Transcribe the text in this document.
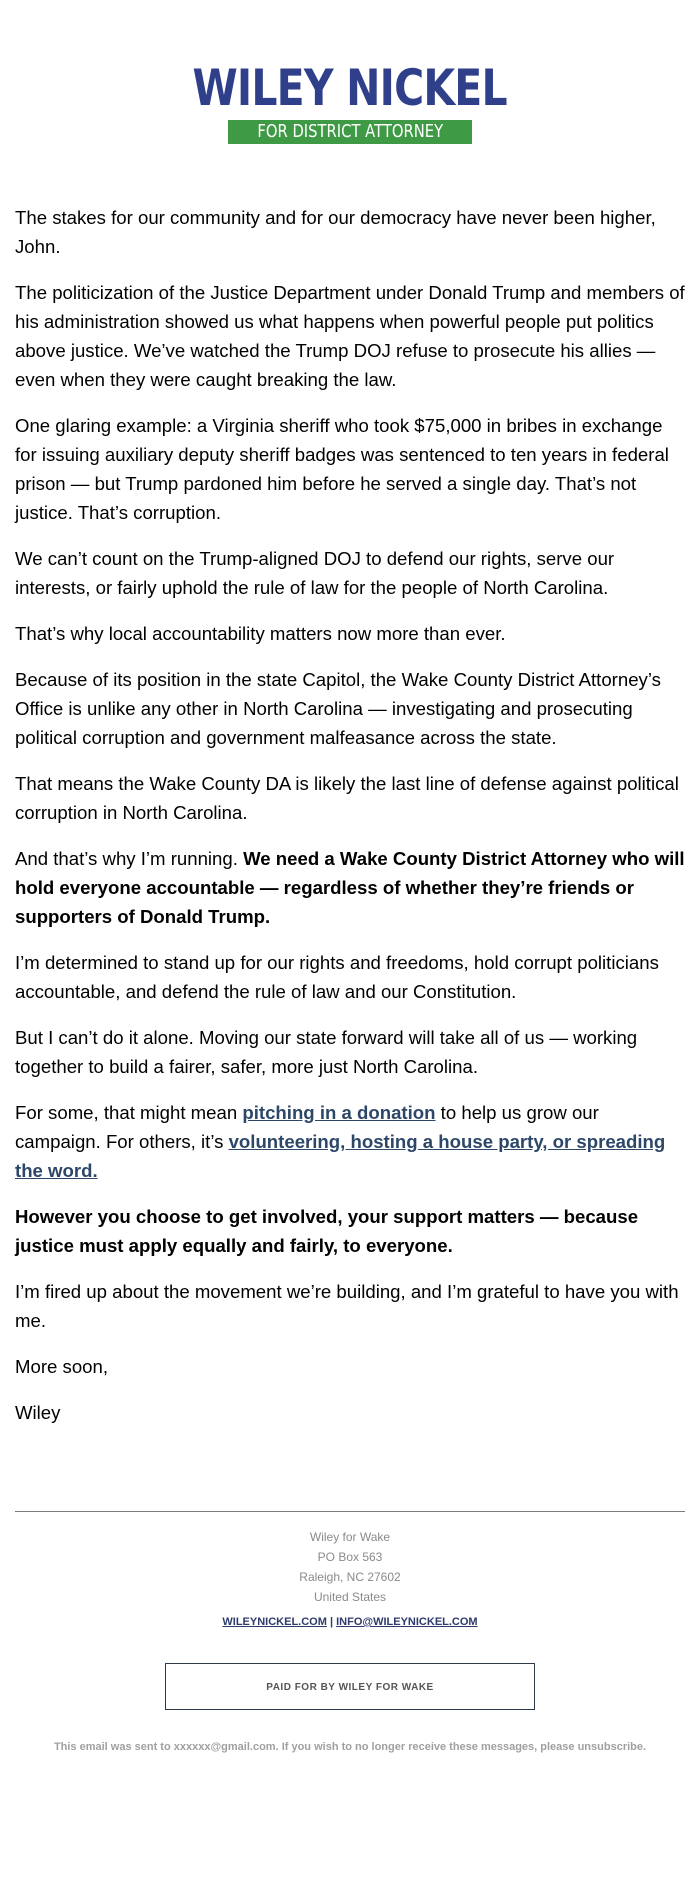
WILEY NICKEL
FOR DISTRICT ATTORNEY

The stakes for our community and for our democracy have never been higher, John.

The politicization of the Justice Department under Donald Trump and members of his administration showed us what happens when powerful people put politics above justice. We’ve watched the Trump DOJ refuse to prosecute his allies — even when they were caught breaking the law.

One glaring example: a Virginia sheriff who took $75,000 in bribes in exchange for issuing auxiliary deputy sheriff badges was sentenced to ten years in federal prison — but Trump pardoned him before he served a single day. That’s not justice. That’s corruption.

We can’t count on the Trump-aligned DOJ to defend our rights, serve our interests, or fairly uphold the rule of law for the people of North Carolina.

That’s why local accountability matters now more than ever.

Because of its position in the state Capitol, the Wake County District Attorney’s Office is unlike any other in North Carolina — investigating and prosecuting political corruption and government malfeasance across the state.

That means the Wake County DA is likely the last line of defense against political corruption in North Carolina.

And that’s why I’m running. We need a Wake County District Attorney who will hold everyone accountable — regardless of whether they’re friends or supporters of Donald Trump.

I’m determined to stand up for our rights and freedoms, hold corrupt politicians accountable, and defend the rule of law and our Constitution.

But I can’t do it alone. Moving our state forward will take all of us — working together to build a fairer, safer, more just North Carolina.

For some, that might mean pitching in a donation to help us grow our campaign. For others, it’s volunteering, hosting a house party, or spreading the word.

However you choose to get involved, your support matters — because justice must apply equally and fairly, to everyone.

I’m fired up about the movement we’re building, and I’m grateful to have you with me.

More soon,

Wiley

Wiley for Wake
PO Box 563
Raleigh, NC 27602
United States
WILEYNICKEL.COM | INFO@WILEYNICKEL.COM
PAID FOR BY WILEY FOR WAKE
This email was sent to xxxxxx@gmail.com. If you wish to no longer receive these messages, please unsubscribe.
